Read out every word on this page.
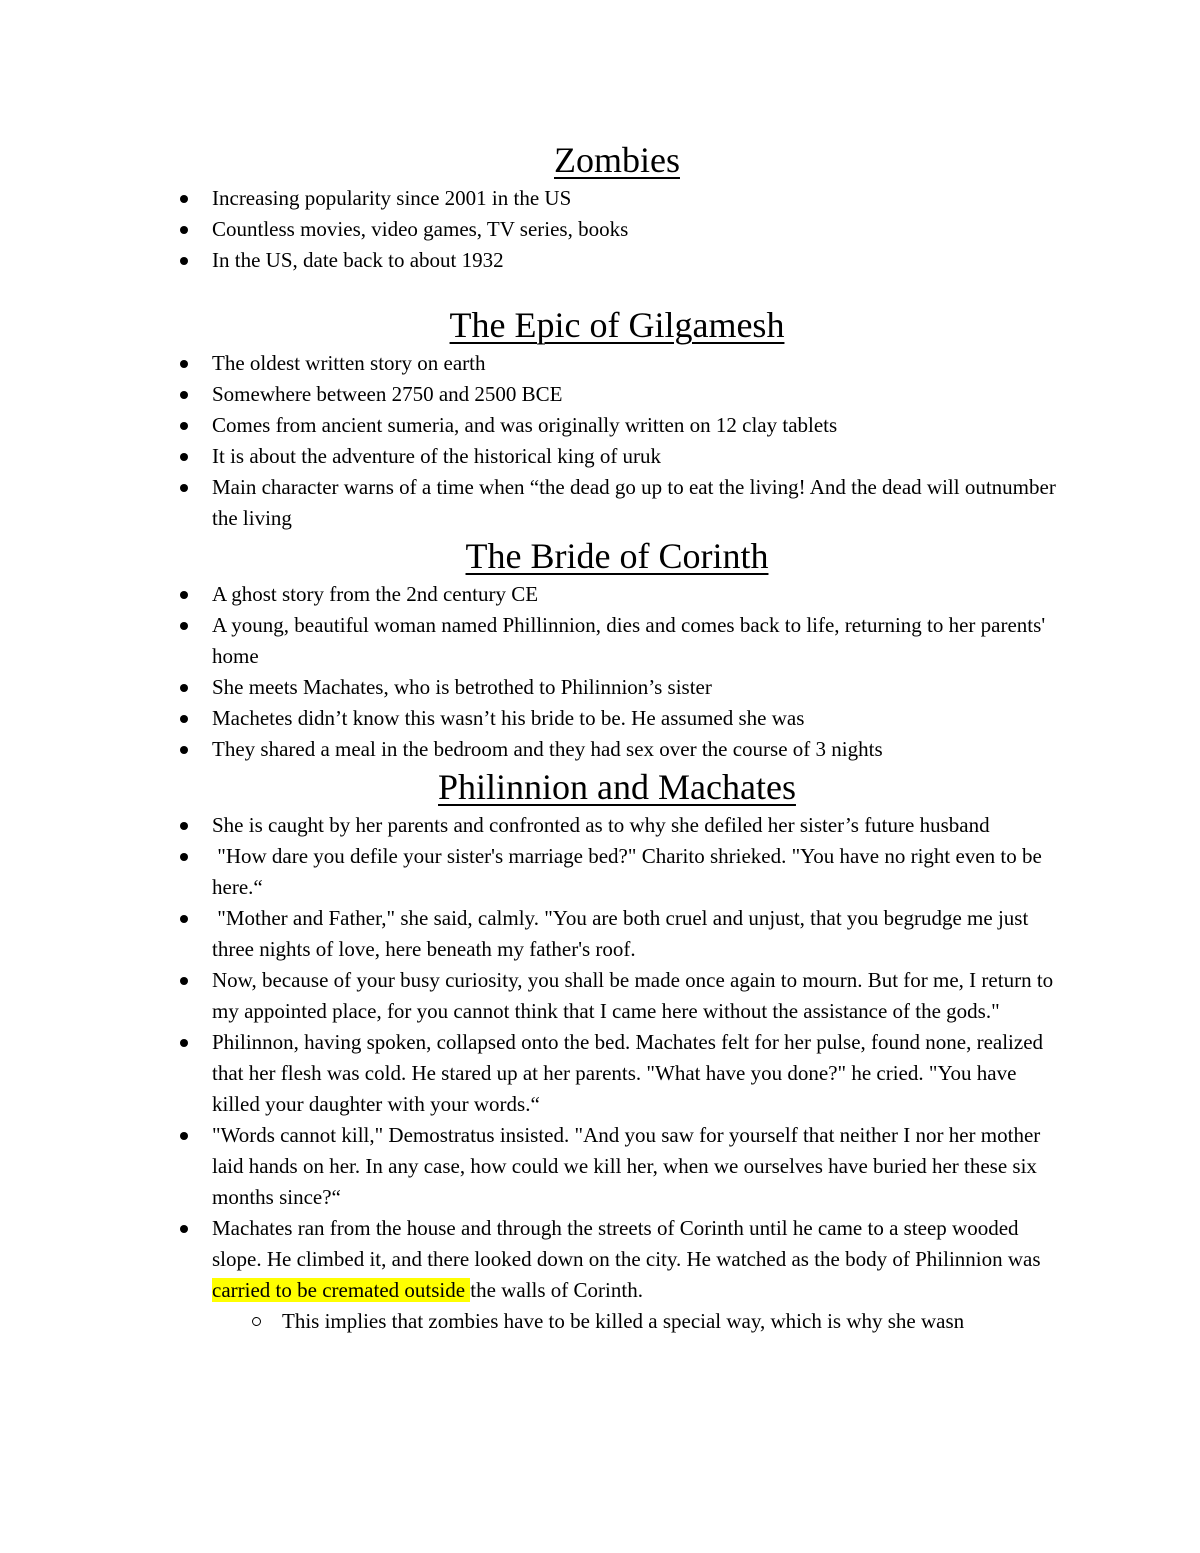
Zombies
Increasing popularity since 2001 in the US
Countless movies, video games, TV series, books
In the US, date back to about 1932
The Epic of Gilgamesh
The oldest written story on earth
Somewhere between 2750 and 2500 BCE
Comes from ancient sumeria, and was originally written on 12 clay tablets
It is about the adventure of the historical king of uruk
Main character warns of a time when “the dead go up to eat the living! And the dead will outnumber the living
The Bride of Corinth
A ghost story from the 2nd century CE
A young, beautiful woman named Phillinnion, dies and comes back to life, returning to her parents' home
She meets Machates, who is betrothed to Philinnion’s sister
Machetes didn’t know this wasn’t his bride to be. He assumed she was
They shared a meal in the bedroom and they had sex over the course of 3 nights
Philinnion and Machates
She is caught by her parents and confronted as to why she defiled her sister’s future husband
"How dare you defile your sister's marriage bed?" Charito shrieked. "You have no right even to be here.“
"Mother and Father," she said, calmly. "You are both cruel and unjust, that you begrudge me just three nights of love, here beneath my father's roof.
Now, because of your busy curiosity, you shall be made once again to mourn. But for me, I return to my appointed place, for you cannot think that I came here without the assistance of the gods."
Philinnon, having spoken, collapsed onto the bed. Machates felt for her pulse, found none, realized that her flesh was cold. He stared up at her parents. "What have you done?" he cried. "You have killed your daughter with your words.“
"Words cannot kill," Demostratus insisted. "And you saw for yourself that neither I nor her mother laid hands on her. In any case, how could we kill her, when we ourselves have buried her these six months since?“
Machates ran from the house and through the streets of Corinth until he came to a steep wooded slope. He climbed it, and there looked down on the city. He watched as the body of Philinnion was carried to be cremated outside the walls of Corinth.
This implies that zombies have to be killed a special way, which is why she wasn
